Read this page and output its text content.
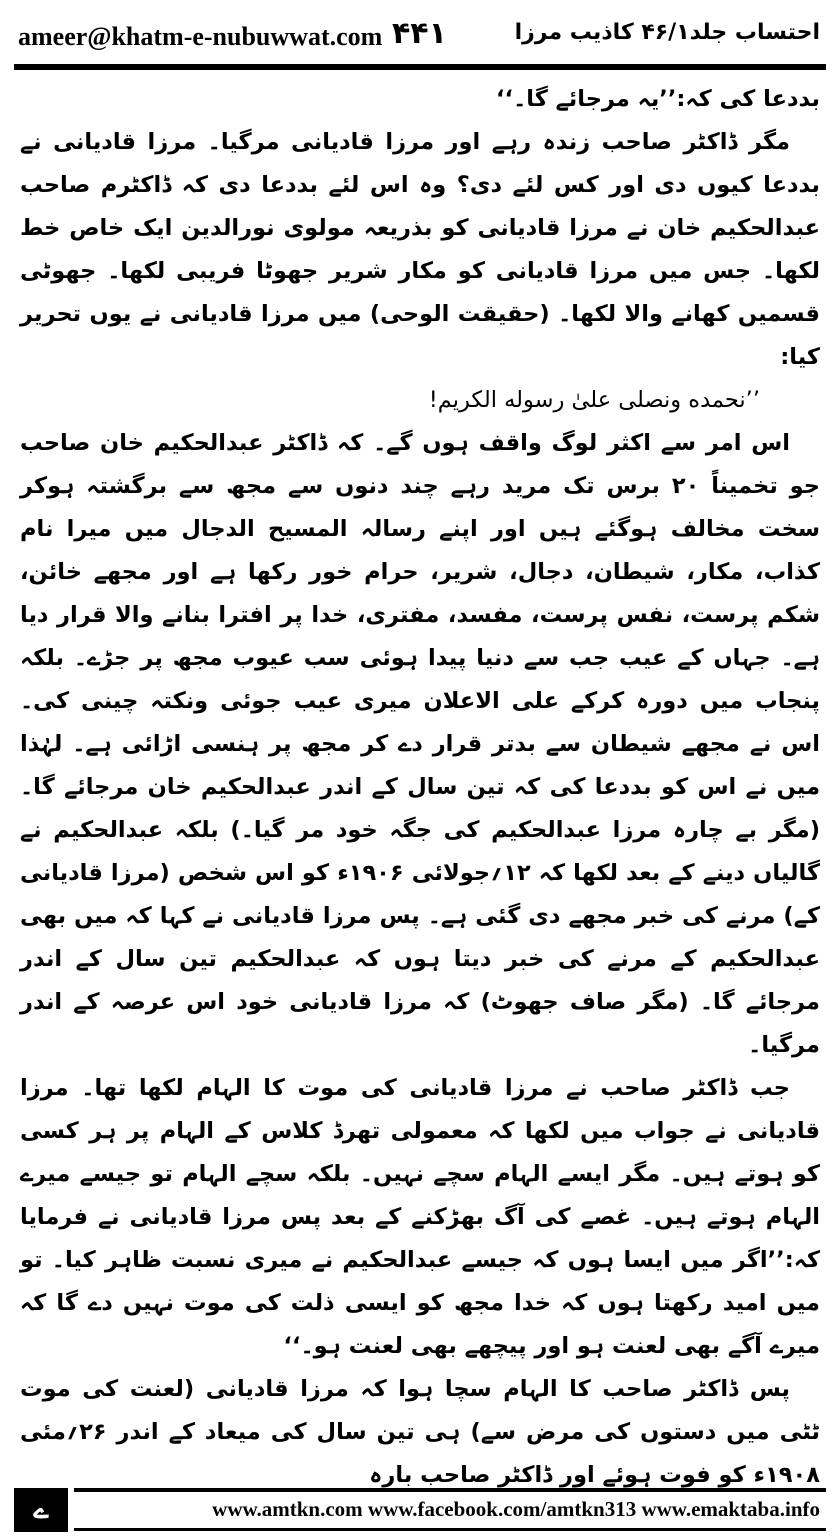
ameer@khatm-e-nubuwwat.com ۴۴۱	احتساب جلد۴۶/۱ کاذیب مرزا

بددعا کی کہ:’’یہ مرجائے گا۔‘‘

مگر ڈاکٹر صاحب زندہ رہے اور مرزا قادیانی مرگیا۔ مرزا قادیانی نے بددعا کیوں دی اور کس لئے دی؟ وہ اس لئے بددعا دی کہ ڈاکٹرم صاحب عبدالحکیم خان نے مرزا قادیانی کو بذریعہ مولوی نورالدین ایک خاص خط لکھا۔ جس میں مرزا قادیانی کو مکار شریر جھوٹا فریبی لکھا۔ جھوٹی قسمیں کھانے والا لکھا۔ (حقیقت الوحی) میں مرزا قادیانی نے یوں تحریر کیا:

’’نحمده ونصلى علىٰ رسوله الكريم!

اس امر سے اکثر لوگ واقف ہوں گے۔ کہ ڈاکٹر عبدالحکیم خان صاحب جو تخمیناً ۲۰ برس تک مرید رہے چند دنوں سے مجھ سے برگشتہ ہوکر سخت مخالف ہوگئے ہیں اور اپنے رسالہ المسیح الدجال میں میرا نام کذاب، مکار، شیطان، دجال، شریر، حرام خور رکھا ہے اور مجھے خائن، شکم پرست، نفس پرست، مفسد، مفتری، خدا پر افترا بنانے والا قرار دیا ہے۔ جہاں کے عیب جب سے دنیا پیدا ہوئی سب عیوب مجھ پر جڑے۔ بلکہ پنجاب میں دورہ کرکے علی الاعلان میری عیب جوئی ونکتہ چینی کی۔ اس نے مجھے شیطان سے بدتر قرار دے کر مجھ پر ہنسی اڑائی ہے۔ لہٰذا میں نے اس کو بددعا کی کہ تین سال کے اندر عبدالحکیم خان مرجائے گا۔ (مگر بے چارہ مرزا عبدالحکیم کی جگہ خود مر گیا۔) بلکہ عبدالحکیم نے گالیاں دینے کے بعد لکھا کہ ۱۲؍جولائی ۱۹۰۶ء کو اس شخص (مرزا قادیانی کے) مرنے کی خبر مجھے دی گئی ہے۔ پس مرزا قادیانی نے کہا کہ میں بھی عبدالحکیم کے مرنے کی خبر دیتا ہوں کہ عبدالحکیم تین سال کے اندر مرجائے گا۔ (مگر صاف جھوٹ) کہ مرزا قادیانی خود اس عرصہ کے اندر مرگیا۔

جب ڈاکٹر صاحب نے مرزا قادیانی کی موت کا الہام لکھا تھا۔ مرزا قادیانی نے جواب میں لکھا کہ معمولی تھرڈ کلاس کے الہام پر ہر کسی کو ہوتے ہیں۔ مگر ایسے الہام سچے نہیں۔ بلکہ سچے الہام تو جیسے میرے الہام ہوتے ہیں۔ غصے کی آگ بھڑکنے کے بعد پس مرزا قادیانی نے فرمایا کہ:’’اگر میں ایسا ہوں کہ جیسے عبدالحکیم نے میری نسبت ظاہر کیا۔ تو میں امید رکھتا ہوں کہ خدا مجھ کو ایسی ذلت کی موت نہیں دے گا کہ میرے آگے بھی لعنت ہو اور پیچھے بھی لعنت ہو۔‘‘

پس ڈاکٹر صاحب کا الہام سچا ہوا کہ مرزا قادیانی (لعنت کی موت ٹٹی میں دستوں کی مرض سے) ہی تین سال کی میعاد کے اندر ۲۶؍مئی ۱۹۰۸ء کو فوت ہوئے اور ڈاکٹر صاحب بارہ

ے	www.amtkn.com www.facebook.com/amtkn313 www.emaktaba.info
